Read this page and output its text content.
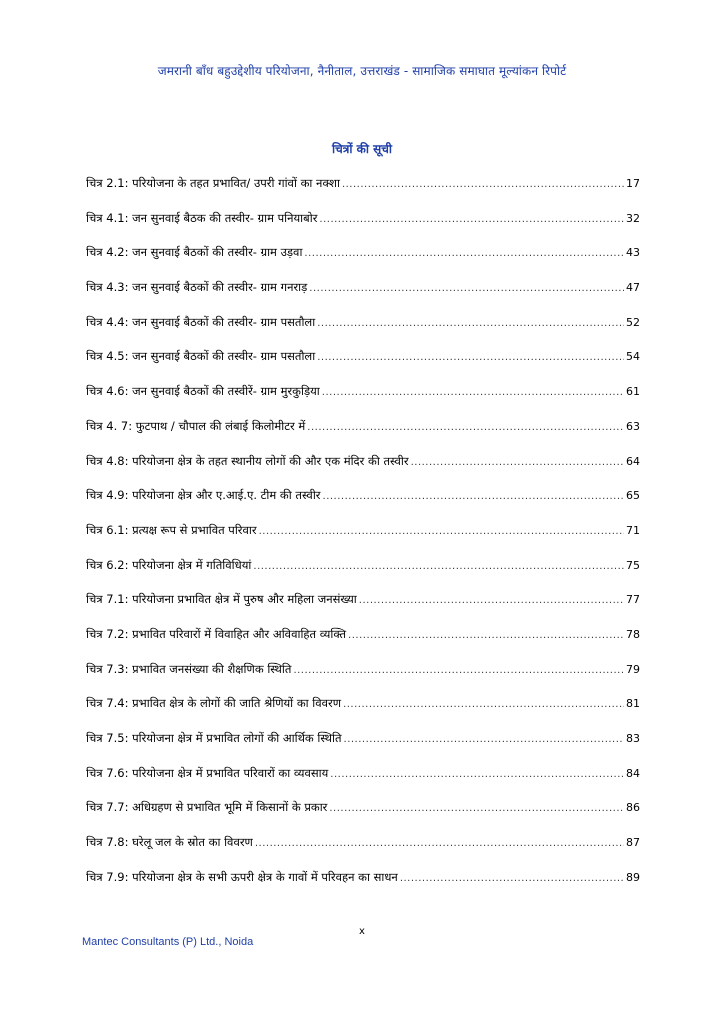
जमरानी बाँध बहुउद्देशीय परियोजना, नैनीताल, उत्तराखंड - सामाजिक समाघात मूल्यांकन रिपोर्ट
चित्रों की सूची
चित्र 2.1: परियोजना के तहत प्रभावित/ उपरी गांवों का नक्शा .....	17
चित्र 4.1: जन सुनवाई बैठक की तस्वीर- ग्राम पनियाबोर .....	32
चित्र 4.2: जन सुनवाई बैठकों की तस्वीर- ग्राम उड़वा .....	43
चित्र 4.3: जन सुनवाई बैठकों की तस्वीर- ग्राम गनराड़ .....	47
चित्र 4.4: जन सुनवाई बैठकों की तस्वीर- ग्राम पसतौला .....	52
चित्र 4.5: जन सुनवाई बैठकों की तस्वीर- ग्राम पसतौला .....	54
चित्र 4.6: जन सुनवाई बैठकों की तस्वीरें- ग्राम मुरकुड़िया .....	61
चित्र 4. 7: फुटपाथ / चौपाल की लंबाई किलोमीटर में .....	63
चित्र 4.8: परियोजना क्षेत्र के तहत स्थानीय लोगों की और एक मंदिर की तस्वीर .....	64
चित्र 4.9: परियोजना क्षेत्र और ए.आई.ए. टीम की तस्वीर .....	65
चित्र 6.1: प्रत्यक्ष रूप से प्रभावित परिवार .....	71
चित्र 6.2: परियोजना क्षेत्र में गतिविधियां .....	75
चित्र 7.1: परियोजना प्रभावित क्षेत्र में पुरुष और महिला जनसंख्या .....	77
चित्र 7.2: प्रभावित परिवारों में विवाहित और अविवाहित व्यक्ति .....	78
चित्र 7.3: प्रभावित जनसंख्या की शैक्षणिक स्थिति .....	79
चित्र 7.4: प्रभावित क्षेत्र के लोगों की जाति श्रेणियों का विवरण .....	81
चित्र 7.5: परियोजना क्षेत्र में प्रभावित लोगों की आर्थिक स्थिति .....	83
चित्र 7.6: परियोजना क्षेत्र में प्रभावित परिवारों का व्यवसाय .....	84
चित्र 7.7: अधिग्रहण से प्रभावित भूमि में किसानों के प्रकार .....	86
चित्र 7.8: घरेलू जल के स्रोत का विवरण .....	87
चित्र 7.9: परियोजना क्षेत्र के सभी ऊपरी क्षेत्र के गावों में परिवहन का साधन .....	89
x
Mantec Consultants (P) Ltd., Noida
